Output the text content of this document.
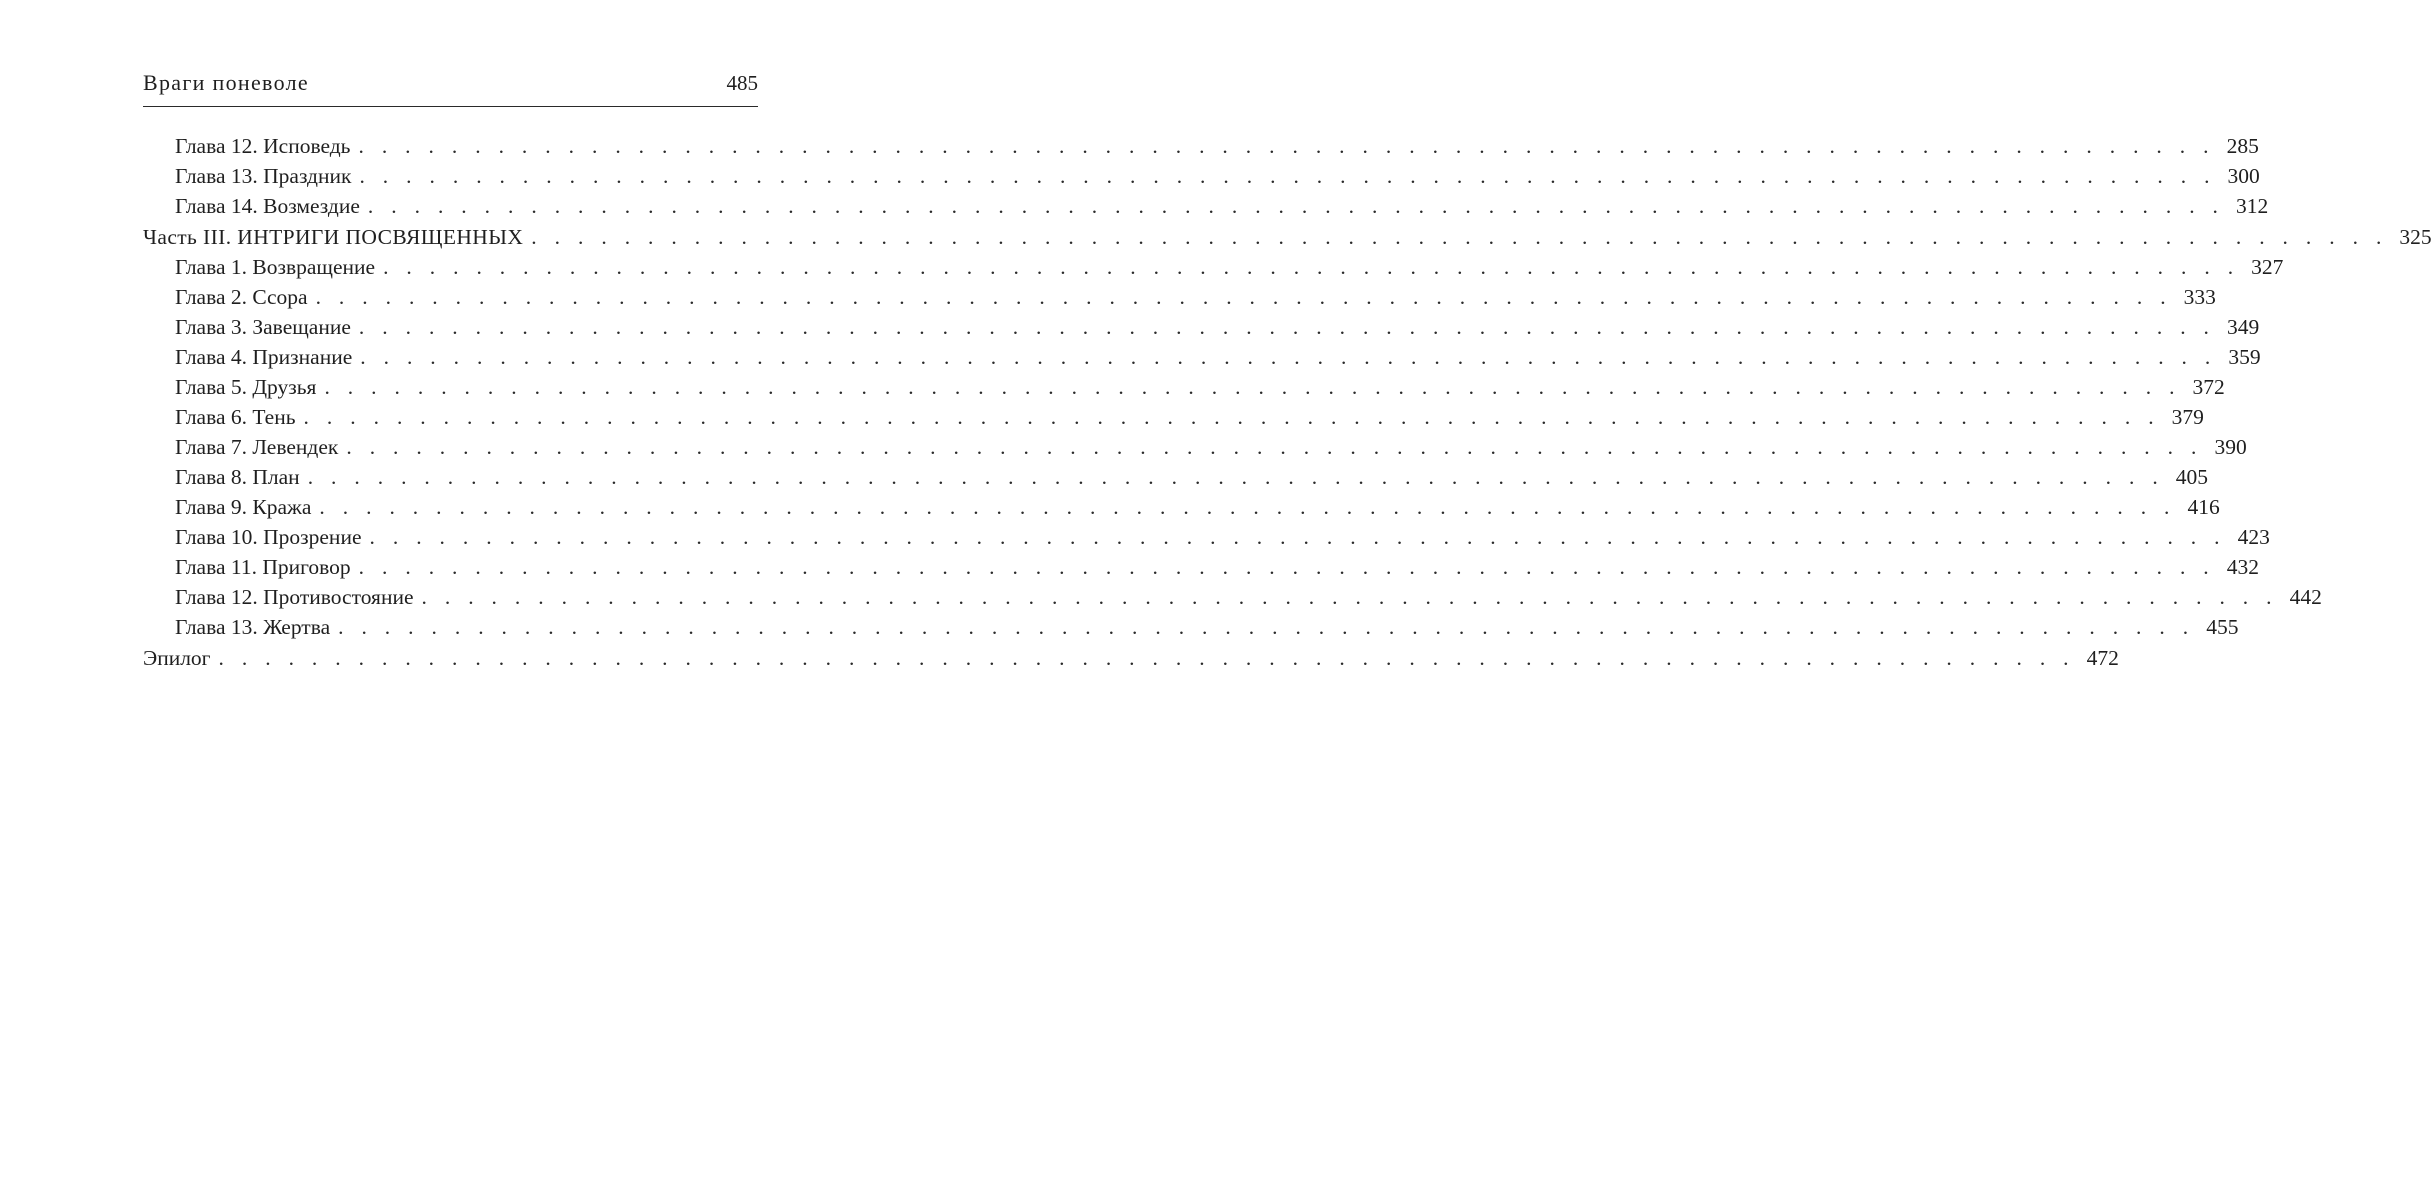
Враги поневоле	485
Глава 12. Исповедь . . . . . . . . . . . . . . . . . . . . . . . . . . . . . . . . . . . . . . . . . . . . . . . . . . . . . . . . . . . . . . . . . . . . . . . . . . . . . . . . 285
Глава 13. Праздник . . . . . . . . . . . . . . . . . . . . . . . . . . . . . . . . . . . . . . . . . . . . . . . . . . . . . . . . . . . . . . . . . . . . . . . . . . . . . . . . 300
Глава 14. Возмездие . . . . . . . . . . . . . . . . . . . . . . . . . . . . . . . . . . . . . . . . . . . . . . . . . . . . . . . . . . . . . . . . . . . . . . . . . . . . . . . . 312
Часть III. ИНТРИГИ ПОСВЯЩЕННЫХ . . . . . . . . . . . . . . . . . . . . . . . . . . . . . . . . . . . . . . . . . . . . . . . . . . . . . . . . . . . . . . . . . . . . . . . . . . . . . . . . 325
Глава 1. Возвращение . . . . . . . . . . . . . . . . . . . . . . . . . . . . . . . . . . . . . . . . . . . . . . . . . . . . . . . . . . . . . . . . . . . . . . . . . . . . . . . . 327
Глава 2. Ссора . . . . . . . . . . . . . . . . . . . . . . . . . . . . . . . . . . . . . . . . . . . . . . . . . . . . . . . . . . . . . . . . . . . . . . . . . . . . . . . . 333
Глава 3. Завещание . . . . . . . . . . . . . . . . . . . . . . . . . . . . . . . . . . . . . . . . . . . . . . . . . . . . . . . . . . . . . . . . . . . . . . . . . . . . . . . . 349
Глава 4. Признание . . . . . . . . . . . . . . . . . . . . . . . . . . . . . . . . . . . . . . . . . . . . . . . . . . . . . . . . . . . . . . . . . . . . . . . . . . . . . . . . 359
Глава 5. Друзья . . . . . . . . . . . . . . . . . . . . . . . . . . . . . . . . . . . . . . . . . . . . . . . . . . . . . . . . . . . . . . . . . . . . . . . . . . . . . . . . 372
Глава 6. Тень . . . . . . . . . . . . . . . . . . . . . . . . . . . . . . . . . . . . . . . . . . . . . . . . . . . . . . . . . . . . . . . . . . . . . . . . . . . . . . . . 379
Глава 7. Левендек . . . . . . . . . . . . . . . . . . . . . . . . . . . . . . . . . . . . . . . . . . . . . . . . . . . . . . . . . . . . . . . . . . . . . . . . . . . . . . . . 390
Глава 8. План . . . . . . . . . . . . . . . . . . . . . . . . . . . . . . . . . . . . . . . . . . . . . . . . . . . . . . . . . . . . . . . . . . . . . . . . . . . . . . . . 405
Глава 9. Кража . . . . . . . . . . . . . . . . . . . . . . . . . . . . . . . . . . . . . . . . . . . . . . . . . . . . . . . . . . . . . . . . . . . . . . . . . . . . . . . . 416
Глава 10. Прозрение . . . . . . . . . . . . . . . . . . . . . . . . . . . . . . . . . . . . . . . . . . . . . . . . . . . . . . . . . . . . . . . . . . . . . . . . . . . . . . . . 423
Глава 11. Приговор . . . . . . . . . . . . . . . . . . . . . . . . . . . . . . . . . . . . . . . . . . . . . . . . . . . . . . . . . . . . . . . . . . . . . . . . . . . . . . . . 432
Глава 12. Противостояние . . . . . . . . . . . . . . . . . . . . . . . . . . . . . . . . . . . . . . . . . . . . . . . . . . . . . . . . . . . . . . . . . . . . . . . . . . . . . . . . 442
Глава 13. Жертва . . . . . . . . . . . . . . . . . . . . . . . . . . . . . . . . . . . . . . . . . . . . . . . . . . . . . . . . . . . . . . . . . . . . . . . . . . . . . . . . 455
Эпилог . . . . . . . . . . . . . . . . . . . . . . . . . . . . . . . . . . . . . . . . . . . . . . . . . . . . . . . . . . . . . . . . . . . . . . . . . . . . . . . . 472
